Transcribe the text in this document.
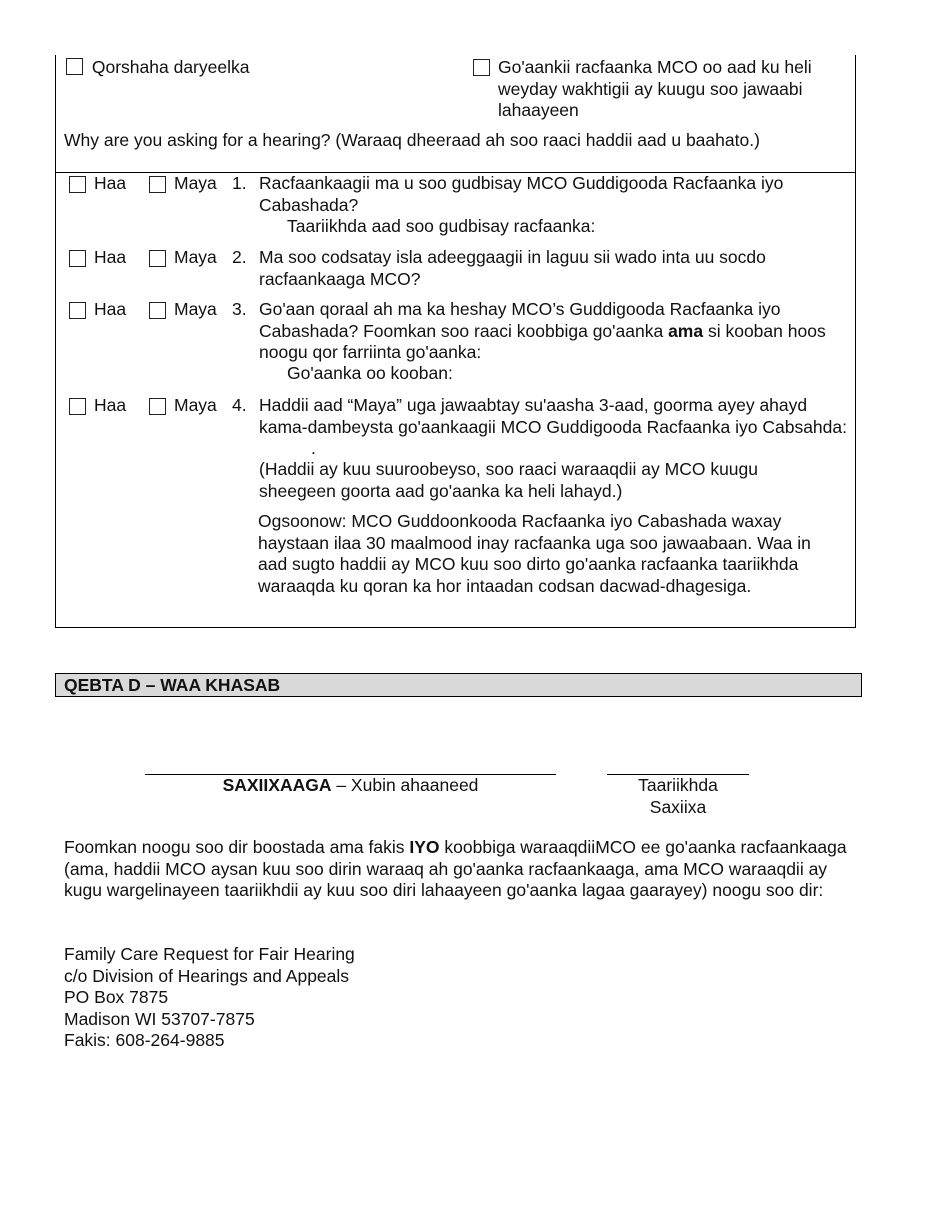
Qorshaha daryeelka	Go'aankii racfaanka MCO oo aad ku heli weyday wakhtigii ay kuugu soo jawaabi lahaayeen
Why are you asking for a hearing? (Waraaq dheeraad ah soo raaci haddii aad u baahato.)
Haa	Maya 1. Racfaankaagii ma u soo gudbisay MCO Guddigooda Racfaanka iyo Cabashada?
Taariikhda aad soo gudbisay racfaanka:
Haa	Maya 2. Ma soo codsatay isla adeeggaagii in laguu sii wado inta uu socdo racfaankaaga MCO?
Haa	Maya 3. Go'aan qoraal ah ma ka heshay MCO’s Guddigooda Racfaanka iyo Cabashada? Foomkan soo raaci koobbiga go'aanka ama si kooban hoos noogu qor farriinta go'aanka:
Go'aanka oo kooban:
Haa	Maya 4. Haddii aad “Maya” uga jawaabtay su'aasha 3-aad, goorma ayey ahayd kama-dambeysta go'aankaagii MCO Guddigooda Racfaanka iyo Cabsahda:.
(Haddii ay kuu suuroobeyso, soo raaci waraaqdii ay MCO kuugu sheegeen goorta aad go'aanka ka heli lahayd.)
Ogsoonow: MCO Guddoonkooda Racfaanka iyo Cabashada waxay haystaan ilaa 30 maalmood inay racfaanka uga soo jawaabaan. Waa in aad sugto haddii ay MCO kuu soo dirto go'aanka racfaanka taariikhda waraaqda ku qoran ka hor intaadan codsan dacwad-dhagesiga.
QEBTA D – WAA KHASAB
SAXIIXAAGA – Xubin ahaaneed	Taariikhda
Saxiixa
Foomkan noogu soo dir boostada ama fakis IYO koobbiga waraaqdiiMCO ee go'aanka racfaankaaga (ama, haddii MCO aysan kuu soo dirin waraaq ah go'aanka racfaankaaga, ama MCO waraaqdii ay kugu wargelinayeen taariikhdii ay kuu soo diri lahaayeen go'aanka lagaa gaarayey) noogu soo dir:
Family Care Request for Fair Hearing
c/o Division of Hearings and Appeals
PO Box 7875
Madison WI 53707-7875
Fakis: 608-264-9885
